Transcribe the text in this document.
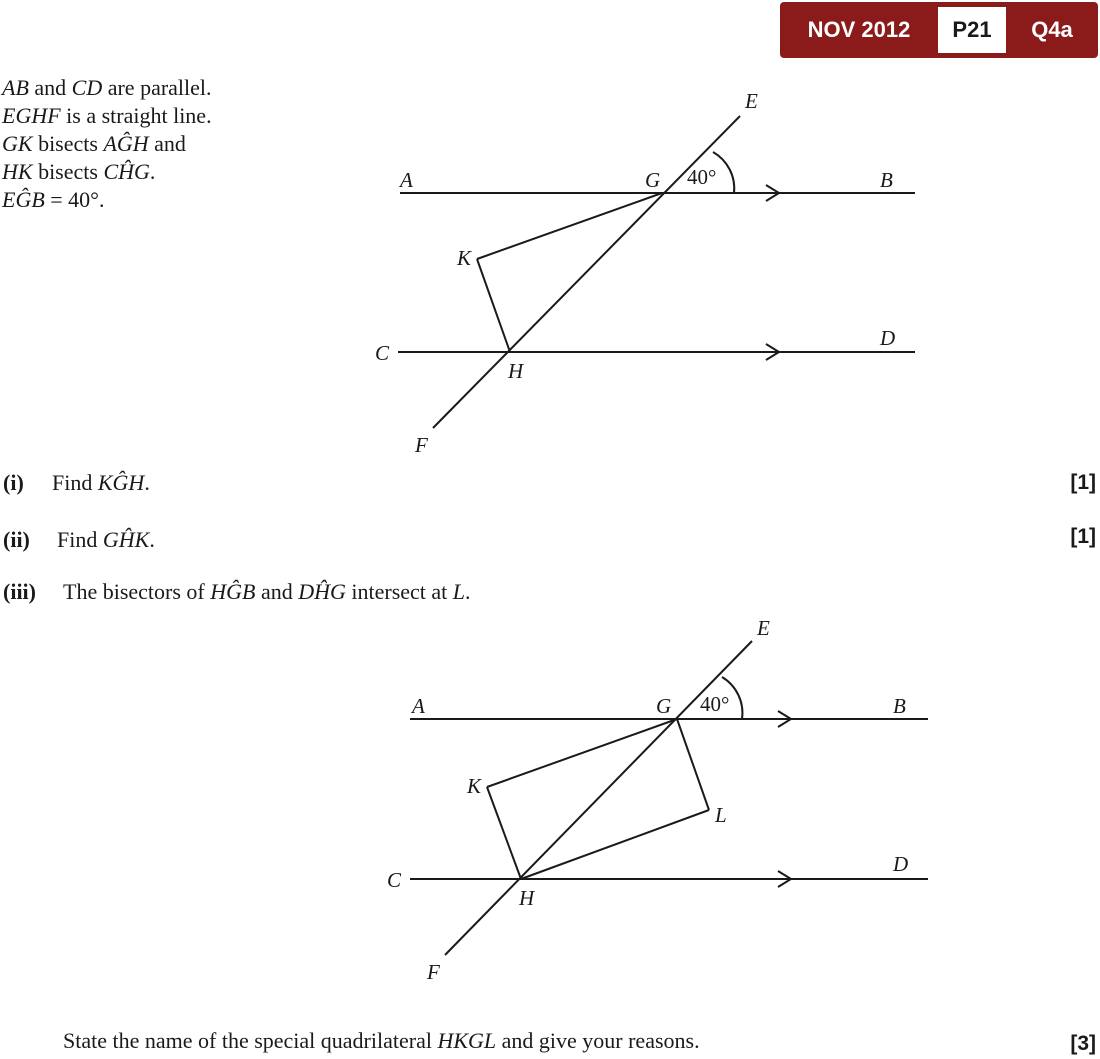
NOV 2012	P21	Q4a
AB and CD are parallel.
EGHF is a straight line.
GK bisects AĜH and
HK bisects CĤG.
EĜB = 40°.
A	B
C
D
E
F
G
H
K
40°
A	B
C
D
E
F
G
H
K
L
40°
(i) Find KĜH.	[1]
(ii) Find GĤK.	[1]
(iii) The bisectors of HĜB and DĤG intersect at L.
State the name of the special quadrilateral HKGL and give your reasons.	[3]
